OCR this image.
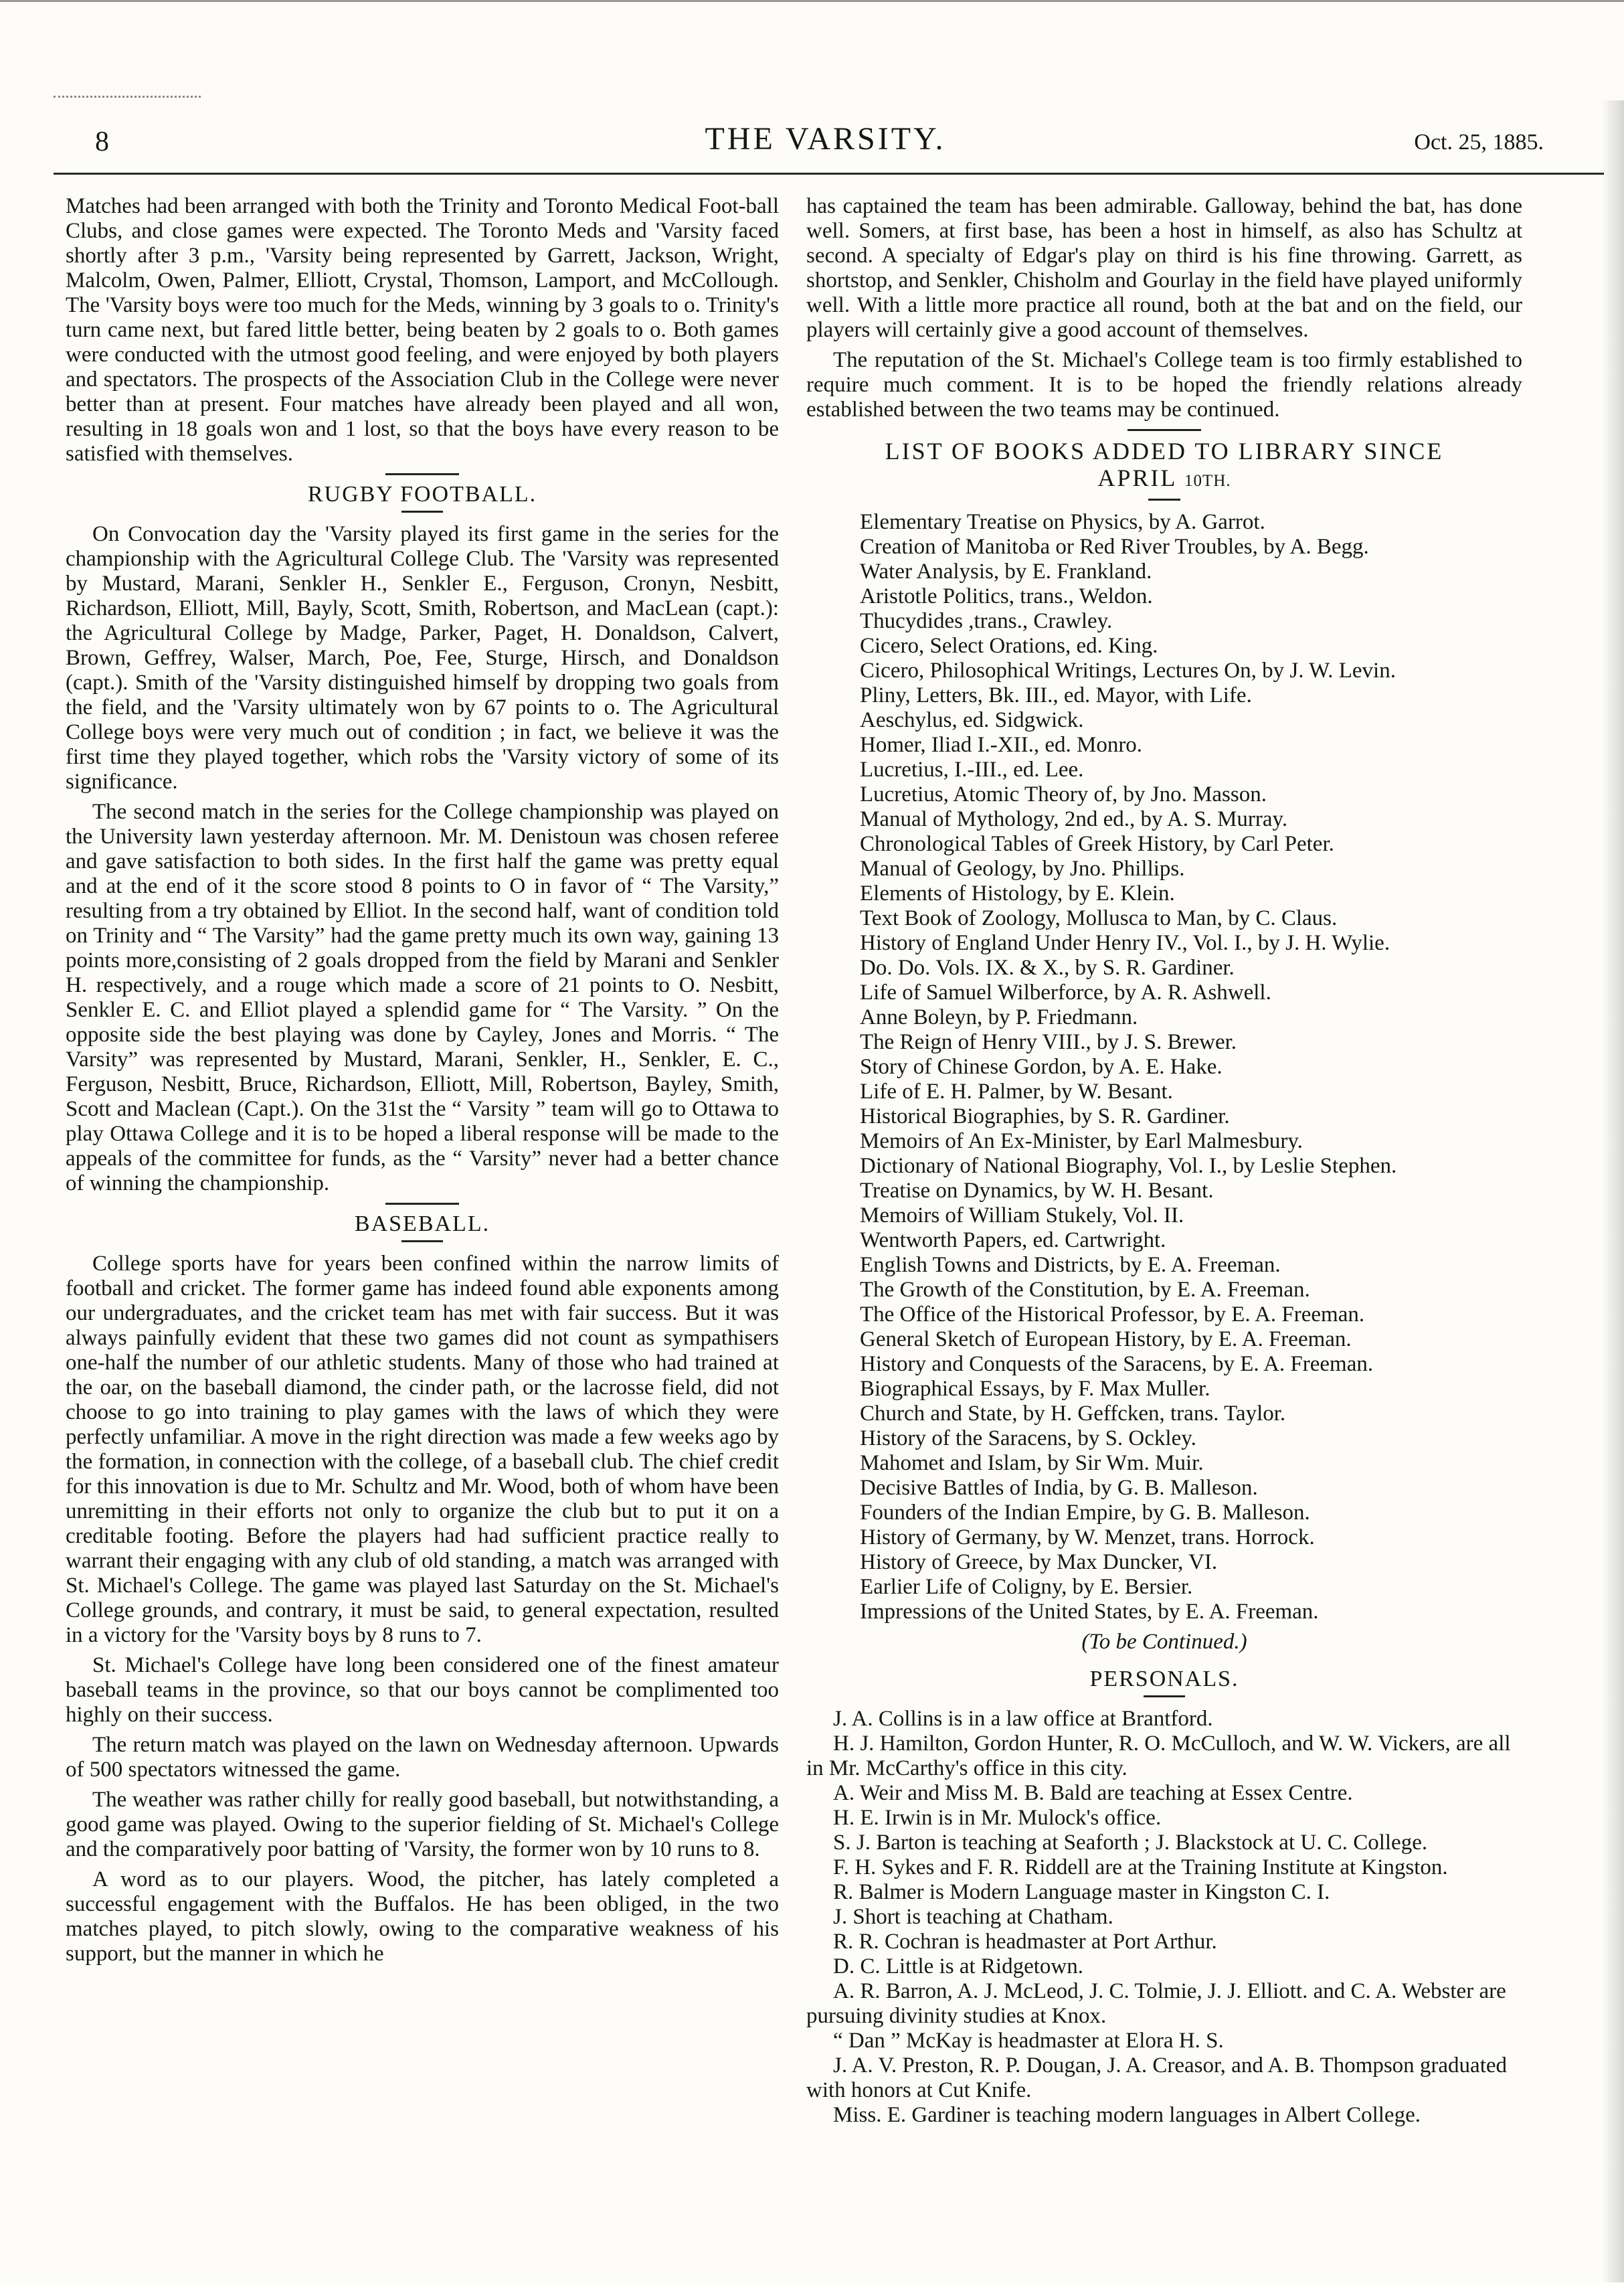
8	THE VARSITY.	Oct. 25, 1885.

Matches had been arranged with both the Trinity and Toronto Medical Foot-ball Clubs, and close games were expected. The Toronto Meds and 'Varsity faced shortly after 3 p.m., 'Varsity being represented by Garrett, Jackson, Wright, Malcolm, Owen, Palmer, Elliott, Crystal, Thomson, Lamport, and McCollough. The 'Varsity boys were too much for the Meds, winning by 3 goals to o. Trinity's turn came next, but fared little better, being beaten by 2 goals to o. Both games were conducted with the utmost good feeling, and were enjoyed by both players and spectators. The prospects of the Association Club in the College were never better than at present. Four matches have already been played and all won, resulting in 18 goals won and 1 lost, so that the boys have every reason to be satisfied with themselves.

RUGBY FOOTBALL.

On Convocation day the 'Varsity played its first game in the series for the championship with the Agricultural College Club. The 'Varsity was represented by Mustard, Marani, Senkler H., Senkler E., Ferguson, Cronyn, Nesbitt, Richardson, Elliott, Mill, Bayly, Scott, Smith, Robertson, and MacLean (capt.): the Agricultural College by Madge, Parker, Paget, H. Donaldson, Calvert, Brown, Geffrey, Walser, March, Poe, Fee, Sturge, Hirsch, and Donaldson (capt.). Smith of the 'Varsity distinguished himself by dropping two goals from the field, and the 'Varsity ultimately won by 67 points to o. The Agricultural College boys were very much out of condition ; in fact, we believe it was the first time they played together, which robs the 'Varsity victory of some of its significance.

The second match in the series for the College championship was played on the University lawn yesterday afternoon. Mr. M. Denistoun was chosen referee and gave satisfaction to both sides. In the first half the game was pretty equal and at the end of it the score stood 8 points to O in favor of “ The Varsity,” resulting from a try obtained by Elliot. In the second half, want of condition told on Trinity and “ The Varsity” had the game pretty much its own way, gaining 13 points more,consisting of 2 goals dropped from the field by Marani and Senkler H. respectively, and a rouge which made a score of 21 points to O. Nesbitt, Senkler E. C. and Elliot played a splendid game for “ The Varsity. ” On the opposite side the best playing was done by Cayley, Jones and Morris. “ The Varsity” was represented by Mustard, Marani, Senkler, H., Senkler, E. C., Ferguson, Nesbitt, Bruce, Richardson, Elliott, Mill, Robertson, Bayley, Smith, Scott and Maclean (Capt.). On the 31st the “ Varsity ” team will go to Ottawa to play Ottawa College and it is to be hoped a liberal response will be made to the appeals of the committee for funds, as the “ Varsity” never had a better chance of winning the championship.

BASEBALL.

College sports have for years been confined within the narrow limits of football and cricket. The former game has indeed found able exponents among our undergraduates, and the cricket team has met with fair success. But it was always painfully evident that these two games did not count as sympathisers one-half the number of our athletic students. Many of those who had trained at the oar, on the baseball diamond, the cinder path, or the lacrosse field, did not choose to go into training to play games with the laws of which they were perfectly unfamiliar. A move in the right direction was made a few weeks ago by the formation, in connection with the college, of a baseball club. The chief credit for this innovation is due to Mr. Schultz and Mr. Wood, both of whom have been unremitting in their efforts not only to organize the club but to put it on a creditable footing. Before the players had had sufficient practice really to warrant their engaging with any club of old standing, a match was arranged with St. Michael's College. The game was played last Saturday on the St. Michael's College grounds, and contrary, it must be said, to general expectation, resulted in a victory for the 'Varsity boys by 8 runs to 7.

St. Michael's College have long been considered one of the finest amateur baseball teams in the province, so that our boys cannot be complimented too highly on their success.

The return match was played on the lawn on Wednesday afternoon. Upwards of 500 spectators witnessed the game.

The weather was rather chilly for really good baseball, but notwithstanding, a good game was played. Owing to the superior fielding of St. Michael's College and the comparatively poor batting of 'Varsity, the former won by 10 runs to 8.

A word as to our players. Wood, the pitcher, has lately completed a successful engagement with the Buffalos. He has been obliged, in the two matches played, to pitch slowly, owing to the comparative weakness of his support, but the manner in which he

has captained the team has been admirable. Galloway, behind the bat, has done well. Somers, at first base, has been a host in himself, as also has Schultz at second. A specialty of Edgar's play on third is his fine throwing. Garrett, as shortstop, and Senkler, Chisholm and Gourlay in the field have played uniformly well. With a little more practice all round, both at the bat and on the field, our players will certainly give a good account of themselves.

The reputation of the St. Michael's College team is too firmly established to require much comment. It is to be hoped the friendly relations already established between the two teams may be continued.

LIST OF BOOKS ADDED TO LIBRARY SINCE
APRIL 10TH.
Elementary Treatise on Physics, by A. Garrot.
Creation of Manitoba or Red River Troubles, by A. Begg.
Water Analysis, by E. Frankland.
Aristotle Politics, trans., Weldon.
Thucydides ,trans., Crawley.
Cicero, Select Orations, ed. King.
Cicero, Philosophical Writings, Lectures On, by J. W. Levin.
Pliny, Letters, Bk. III., ed. Mayor, with Life.
Aeschylus, ed. Sidgwick.
Homer, Iliad I.-XII., ed. Monro.
Lucretius, I.-III., ed. Lee.
Lucretius, Atomic Theory of, by Jno. Masson.
Manual of Mythology, 2nd ed., by A. S. Murray.
Chronological Tables of Greek History, by Carl Peter.
Manual of Geology, by Jno. Phillips.
Elements of Histology, by E. Klein.
Text Book of Zoology, Mollusca to Man, by C. Claus.
History of England Under Henry IV., Vol. I., by J. H. Wylie.
Do. Do. Vols. IX. & X., by S. R. Gardiner.
Life of Samuel Wilberforce, by A. R. Ashwell.
Anne Boleyn, by P. Friedmann.
The Reign of Henry VIII., by J. S. Brewer.
Story of Chinese Gordon, by A. E. Hake.
Life of E. H. Palmer, by W. Besant.
Historical Biographies, by S. R. Gardiner.
Memoirs of An Ex-Minister, by Earl Malmesbury.
Dictionary of National Biography, Vol. I., by Leslie Stephen.
Treatise on Dynamics, by W. H. Besant.
Memoirs of William Stukely, Vol. II.
Wentworth Papers, ed. Cartwright.
English Towns and Districts, by E. A. Freeman.
The Growth of the Constitution, by E. A. Freeman.
The Office of the Historical Professor, by E. A. Freeman.
General Sketch of European History, by E. A. Freeman.
History and Conquests of the Saracens, by E. A. Freeman.
Biographical Essays, by F. Max Muller.
Church and State, by H. Geffcken, trans. Taylor.
History of the Saracens, by S. Ockley.
Mahomet and Islam, by Sir Wm. Muir.
Decisive Battles of India, by G. B. Malleson.
Founders of the Indian Empire, by G. B. Malleson.
History of Germany, by W. Menzet, trans. Horrock.
History of Greece, by Max Duncker, VI.
Earlier Life of Coligny, by E. Bersier.
Impressions of the United States, by E. A. Freeman.
(To be Continued.)
PERSONALS.
J. A. Collins is in a law office at Brantford.
H. J. Hamilton, Gordon Hunter, R. O. McCulloch, and W. W. Vickers, are all in Mr. McCarthy's office in this city.
A. Weir and Miss M. B. Bald are teaching at Essex Centre.
H. E. Irwin is in Mr. Mulock's office.
S. J. Barton is teaching at Seaforth ; J. Blackstock at U. C. College.
F. H. Sykes and F. R. Riddell are at the Training Institute at Kingston.
R. Balmer is Modern Language master in Kingston C. I.
J. Short is teaching at Chatham.
R. R. Cochran is headmaster at Port Arthur.
D. C. Little is at Ridgetown.
A. R. Barron, A. J. McLeod, J. C. Tolmie, J. J. Elliott. and C. A. Webster are pursuing divinity studies at Knox.
“ Dan ” McKay is headmaster at Elora H. S.
J. A. V. Preston, R. P. Dougan, J. A. Creasor, and A. B. Thompson graduated with honors at Cut Knife.
Miss. E. Gardiner is teaching modern languages in Albert College.
